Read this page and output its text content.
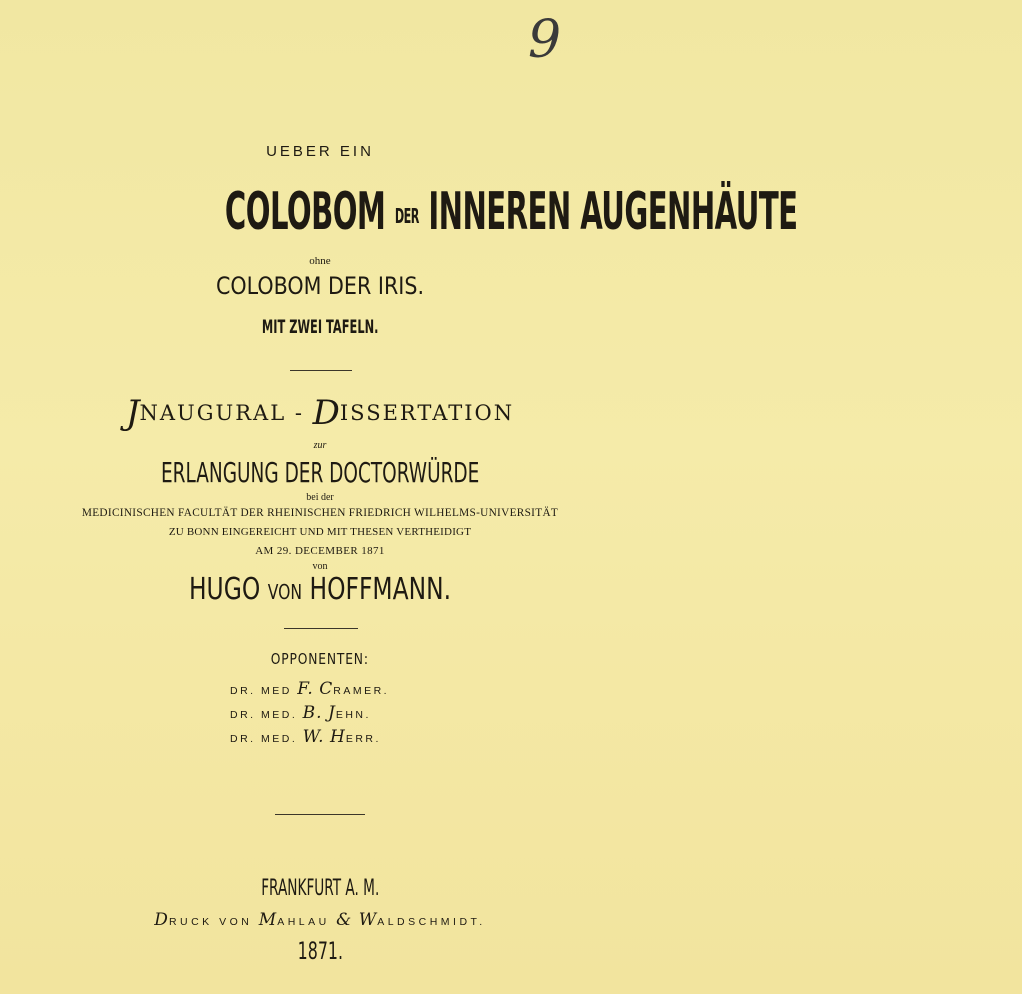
9
UEBER EIN
COLOBOM DER INNEREN AUGENHÄUTE
ohne
COLOBOM DER IRIS.
MIT ZWEI TAFELN.
JNAUGURAL - DISSERTATION
zur
ERLANGUNG DER DOCTORWÜRDE
bei der
MEDICINISCHEN FACULTÄT DER RHEINISCHEN FRIEDRICH WILHELMS-UNIVERSITÄT
ZU BONN EINGEREICHT UND MIT THESEN VERTHEIDIGT
AM 29. DECEMBER 1871
von
HUGO VON HOFFMANN.
OPPONENTEN:
DR. MED F. CRAMER.
DR. MED. B. JEHN.
DR. MED. W. HERR.
FRANKFURT A. M.
DRUCK VON MAHLAU & WALDSCHMIDT.
1871.
